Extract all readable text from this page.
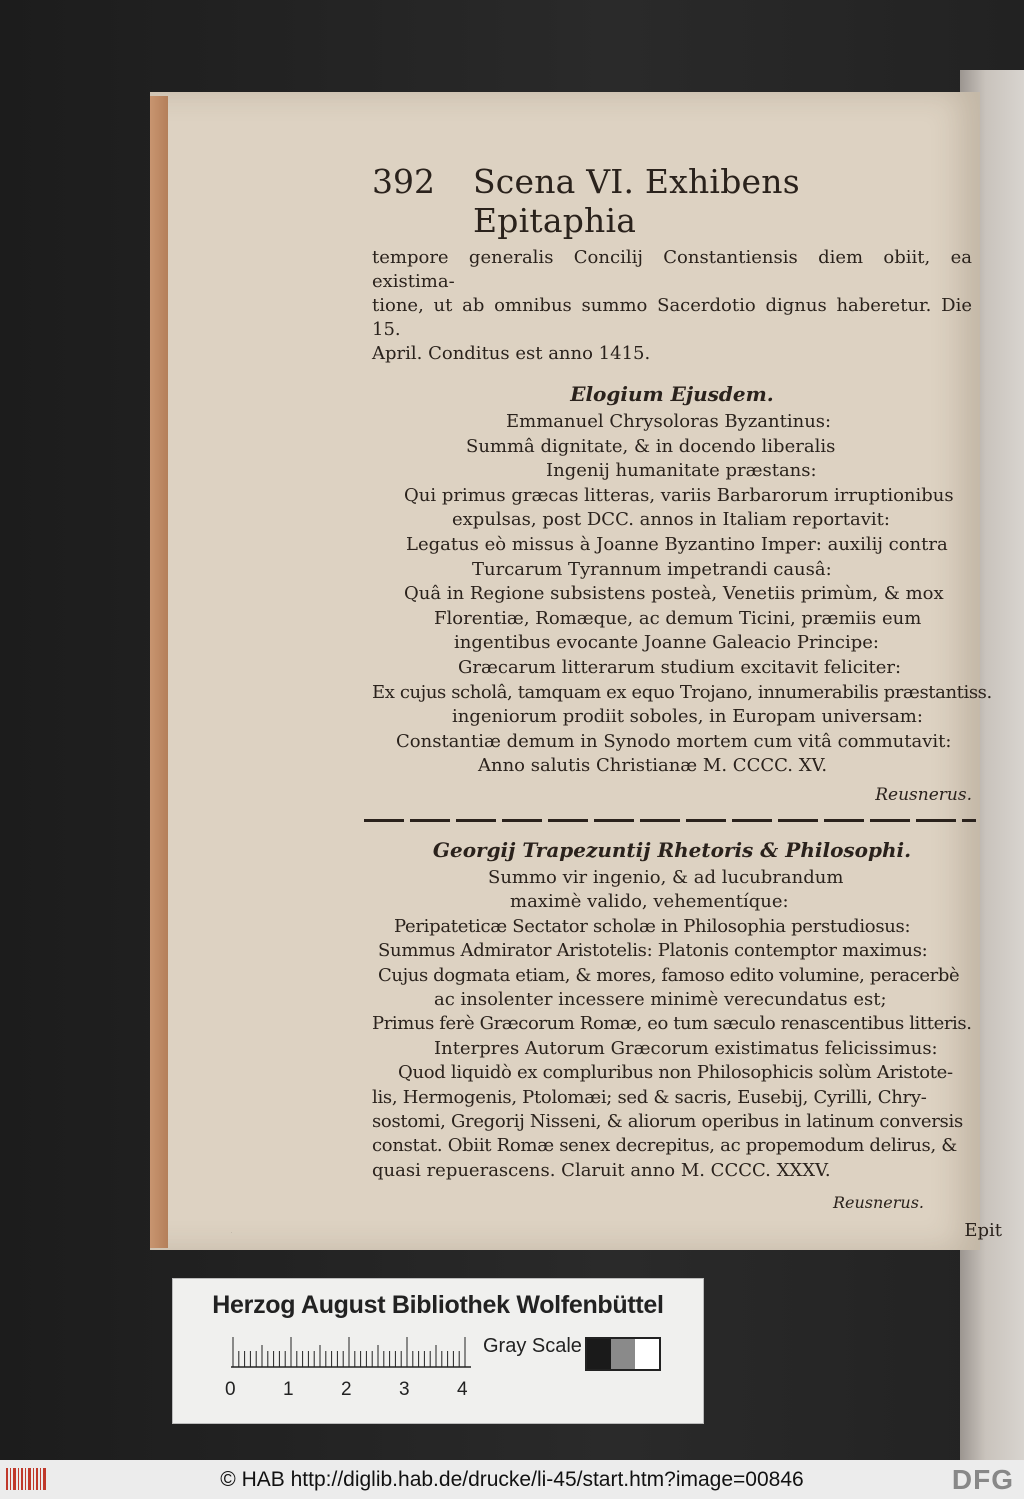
392 Scena VI. Exhibens Epitaphia

tempore generalis Concilij Constantiensis diem obiit, ea existima-
tione, ut ab omnibus summo Sacerdotio dignus haberetur. Die 15.
April. Conditus est anno 1415.

Elogium Ejusdem.
Emmanuel Chrysoloras Byzantinus:
Summâ dignitate, & in docendo liberalis
Ingenij humanitate præstans:
Qui primus græcas litteras, variis Barbarorum irruptionibus
expulsas, post DCC. annos in Italiam reportavit:
Legatus eò missus à Joanne Byzantino Imper: auxilij contra
Turcarum Tyrannum impetrandi causâ:
Quâ in Regione subsistens posteà, Venetiis primùm, & mox
Florentiæ, Romæque, ac demum Ticini, præmiis eum
ingentibus evocante Joanne Galeacio Principe:
Græcarum litterarum studium excitavit feliciter:
Ex cujus scholâ, tamquam ex equo Trojano, innumerabilis præstantiss.
ingeniorum prodiit soboles, in Europam universam:
Constantiæ demum in Synodo mortem cum vitâ commutavit:
Anno salutis Christianæ M. CCCC. XV.
Reusnerus.
Georgij Trapezuntij Rhetoris & Philosophi.
Summo vir ingenio, & ad lucubrandum
maximè valido, vehementíque:
Peripateticæ Sectator scholæ in Philosophia perstudiosus:
Summus Admirator Aristotelis: Platonis contemptor maximus:
Cujus dogmata etiam, & mores, famoso edito volumine, peracerbè
ac insolenter incessere minimè verecundatus est;
Primus ferè Græcorum Romæ, eo tum sæculo renascentibus litteris.
Interpres Autorum Græcorum existimatus felicissimus:
Quod liquidò ex compluribus non Philosophicis solùm Aristote-
lis, Hermogenis, Ptolomæi; sed & sacris, Eusebij, Cyrilli, Chry-
sostomi, Gregorij Nisseni, & aliorum operibus in latinum conversis
constat. Obiit Romæ senex decrepitus, ac propemodum delirus, &
quasi repuerascens. Claruit anno M. CCCC. XXXV.
Reusnerus.
Epit
Herzog August Bibliothek Wolfenbüttel
0
0 1 2 3 4
Gray Scale
© HAB http://diglib.hab.de/drucke/li-45/start.htm?image=00846	DFG
